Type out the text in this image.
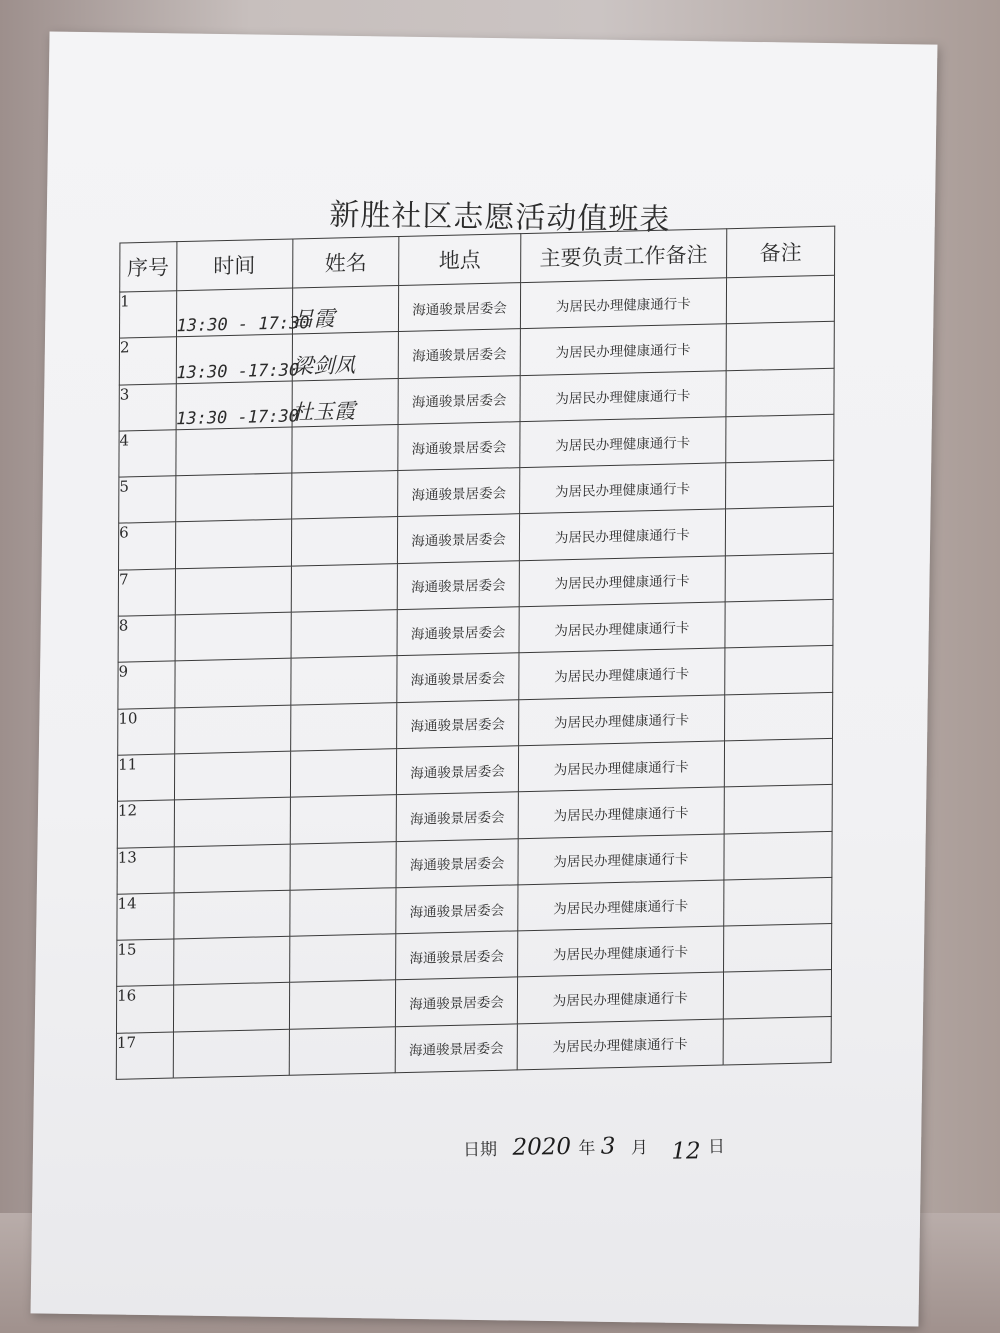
新胜社区志愿活动值班表
序号	时间	姓名	地点	主要负责工作备注	备注
1	13:30 - 17:30	吕霞	海通骏景居委会	为居民办理健康通行卡	
2	13:30 -17:30	梁剑凤	海通骏景居委会	为居民办理健康通行卡	
3	13:30 -17:30	杜玉霞	海通骏景居委会	为居民办理健康通行卡	
4			海通骏景居委会	为居民办理健康通行卡	
5			海通骏景居委会	为居民办理健康通行卡	
6			海通骏景居委会	为居民办理健康通行卡	
7			海通骏景居委会	为居民办理健康通行卡	
8			海通骏景居委会	为居民办理健康通行卡	
9			海通骏景居委会	为居民办理健康通行卡	
10			海通骏景居委会	为居民办理健康通行卡	
11			海通骏景居委会	为居民办理健康通行卡	
12			海通骏景居委会	为居民办理健康通行卡	
13			海通骏景居委会	为居民办理健康通行卡	
14			海通骏景居委会	为居民办理健康通行卡	
15			海通骏景居委会	为居民办理健康通行卡	
16			海通骏景居委会	为居民办理健康通行卡	
17			海通骏景居委会	为居民办理健康通行卡	
日期 2020 年 3 月 12 日
